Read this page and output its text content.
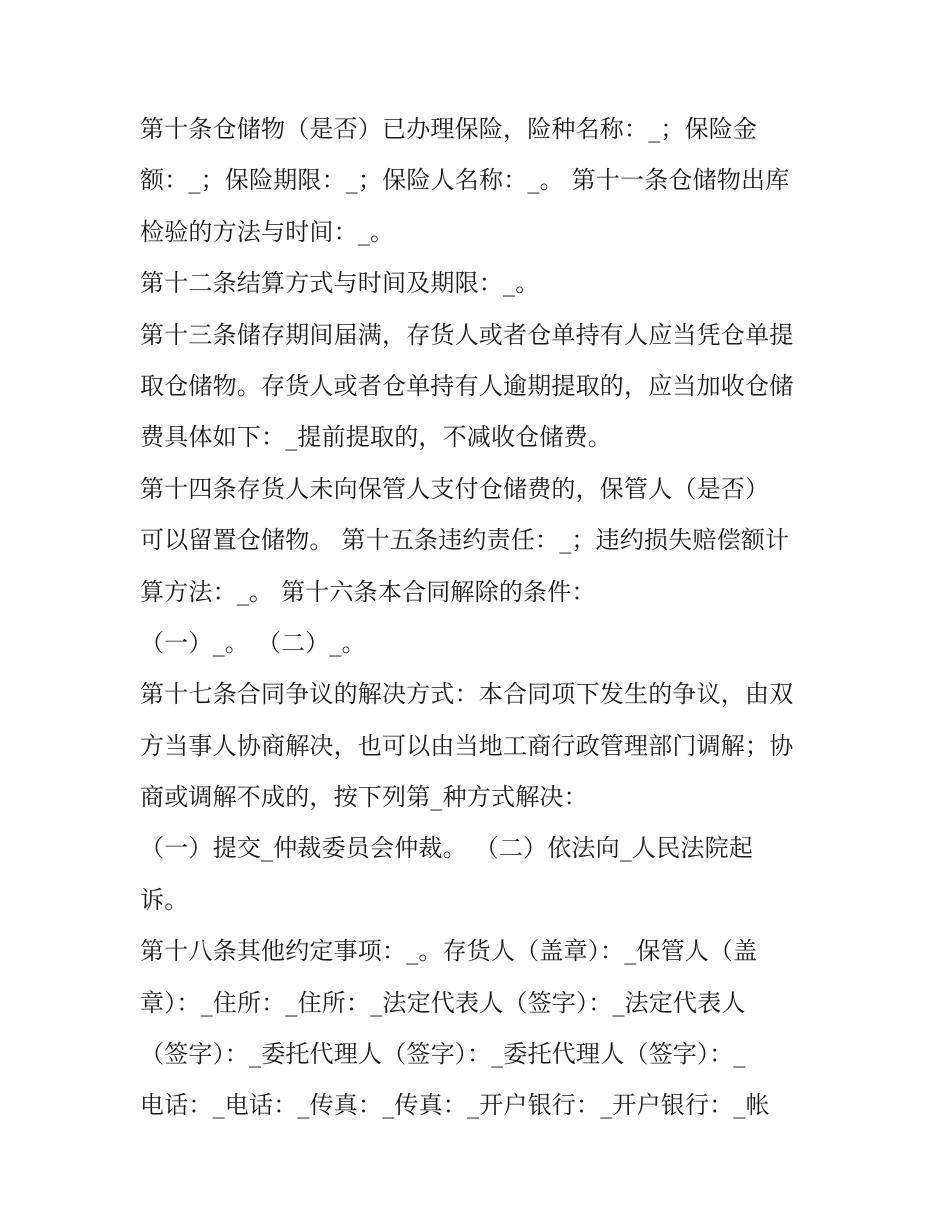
第十条仓储物（是否）已办理保险，险种名称：_；保险金
额：_；保险期限：_；保险人名称：_。 第十一条仓储物出库
检验的方法与时间：_。
第十二条结算方式与时间及期限：_。
第十三条储存期间届满，存货人或者仓单持有人应当凭仓单提
取仓储物。存货人或者仓单持有人逾期提取的，应当加收仓储
费具体如下：_提前提取的，不减收仓储费。
第十四条存货人未向保管人支付仓储费的，保管人（是否）
可以留置仓储物。 第十五条违约责任：_；违约损失赔偿额计
算方法：_。 第十六条本合同解除的条件：
（一）_。 （二）_。
第十七条合同争议的解决方式：本合同项下发生的争议，由双
方当事人协商解决，也可以由当地工商行政管理部门调解；协
商或调解不成的，按下列第_种方式解决：
（一）提交_仲裁委员会仲裁。 （二）依法向_人民法院起
诉。
第十八条其他约定事项：_。存货人（盖章）：_保管人（盖
章）：_住所：_住所：_法定代表人（签字）：_法定代表人
（签字）：_委托代理人（签字）：_委托代理人（签字）：_
电话：_电话：_传真：_传真：_开户银行：_开户银行：_帐
